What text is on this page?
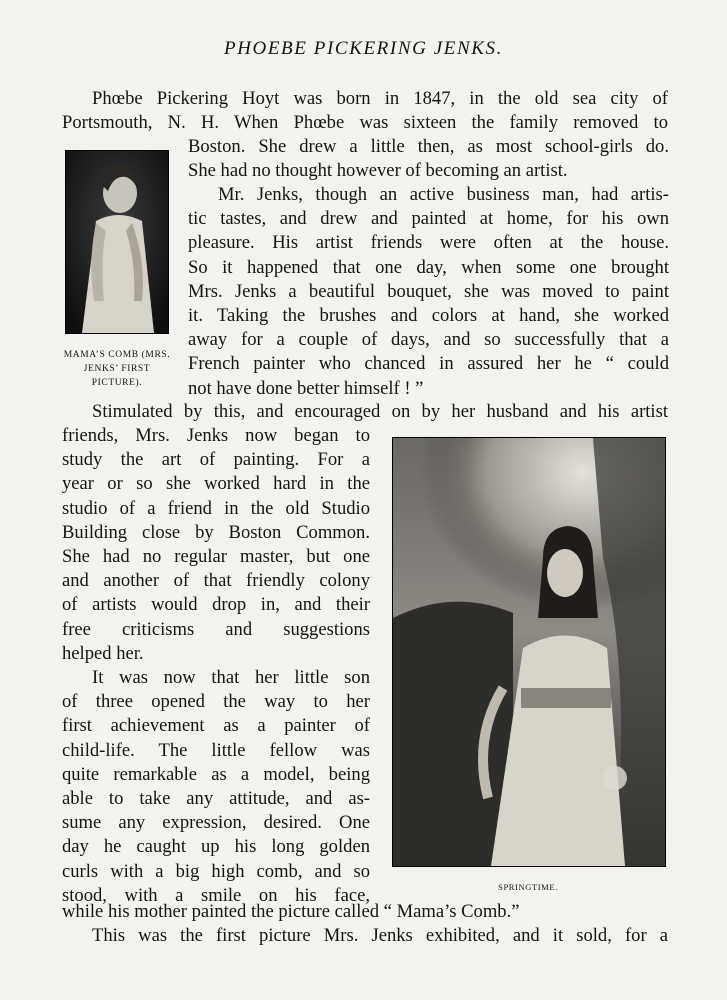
PHOEBE PICKERING JENKS.
Phœbe Pickering Hoyt was born in 1847, in the old sea city of
Portsmouth, N. H. When Phœbe was sixteen the family removed to
MAMA’S COMB (MRS.
JENKS’ FIRST
PICTURE).
Boston. She drew a little then, as most school-girls do.
She had no thought however of becoming an artist.
Mr. Jenks, though an active business man, had artis-
tic tastes, and drew and painted at home, for his own
pleasure. His artist friends were often at the house.
So it happened that one day, when some one brought
Mrs. Jenks a beautiful bouquet, she was moved to paint
it. Taking the brushes and colors at hand, she worked
away for a couple of days, and so successfully that a
French painter who chanced in assured her he “ could
not have done better himself ! ”
Stimulated by this, and encouraged on by her husband and his artist
SPRINGTIME.
friends, Mrs. Jenks now began to
study the art of painting. For a
year or so she worked hard in the
studio of a friend in the old Studio
Building close by Boston Common.
She had no regular master, but one
and another of that friendly colony
of artists would drop in, and their
free criticisms and suggestions
helped her.
It was now that her little son
of three opened the way to her
first achievement as a painter of
child-life. The little fellow was
quite remarkable as a model, being
able to take any attitude, and as-
sume any expression, desired. One
day he caught up his long golden
curls with a big high comb, and so
stood, with a smile on his face,
while his mother painted the picture called “ Mama’s Comb.”
This was the first picture Mrs. Jenks exhibited, and it sold, for a
